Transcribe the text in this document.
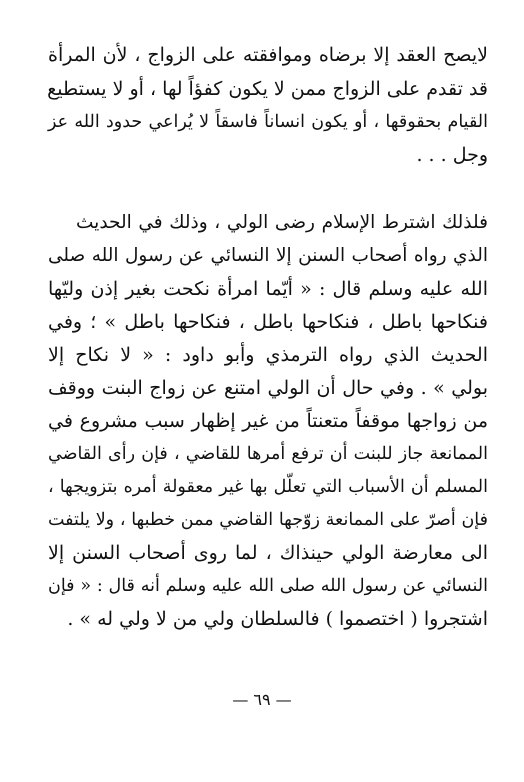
لايصح العقد إلا برضاه وموافقته على الزواج ، لأن المرأة
قد تقدم على الزواج ممن لا يكون كفؤاً لها ، أو لا يستطيع
القيام بحقوقها ، أو يكون انساناً فاسقاً لا يُراعي حدود الله عز
وجل . . .
فلذلك اشترط الإسلام رضى الولي ، وذلك في الحديث
الذي رواه أصحاب السنن إلا النسائي عن رسول الله صلى
الله عليه وسلم قال : « أيّما امرأة نكحت بغير إذن وليّها
فنكاحها باطل ، فنكاحها باطل ، فنكاحها باطل » ؛ وفي
الحديث الذي رواه الترمذي وأبو داود : « لا نكاح إلا
بولي » . وفي حال أن الولي امتنع عن زواج البنت ووقف
من زواجها موقفاً متعنتاً من غير إظهار سبب مشروع في
الممانعة جاز للبنت أن ترفع أمرها للقاضي ، فإن رأى القاضي
المسلم أن الأسباب التي تعلّل بها غير معقولة أمره بتزويجها ،
فإن أصرّ على الممانعة زوّجها القاضي ممن خطبها ، ولا يلتفت
الى معارضة الولي حينذاك ، لما روى أصحاب السنن إلا
النسائي عن رسول الله صلى الله عليه وسلم أنه قال : « فإن
اشتجروا ( اختصموا ) فالسلطان ولي من لا ولي له » .
— ٦٩ —
